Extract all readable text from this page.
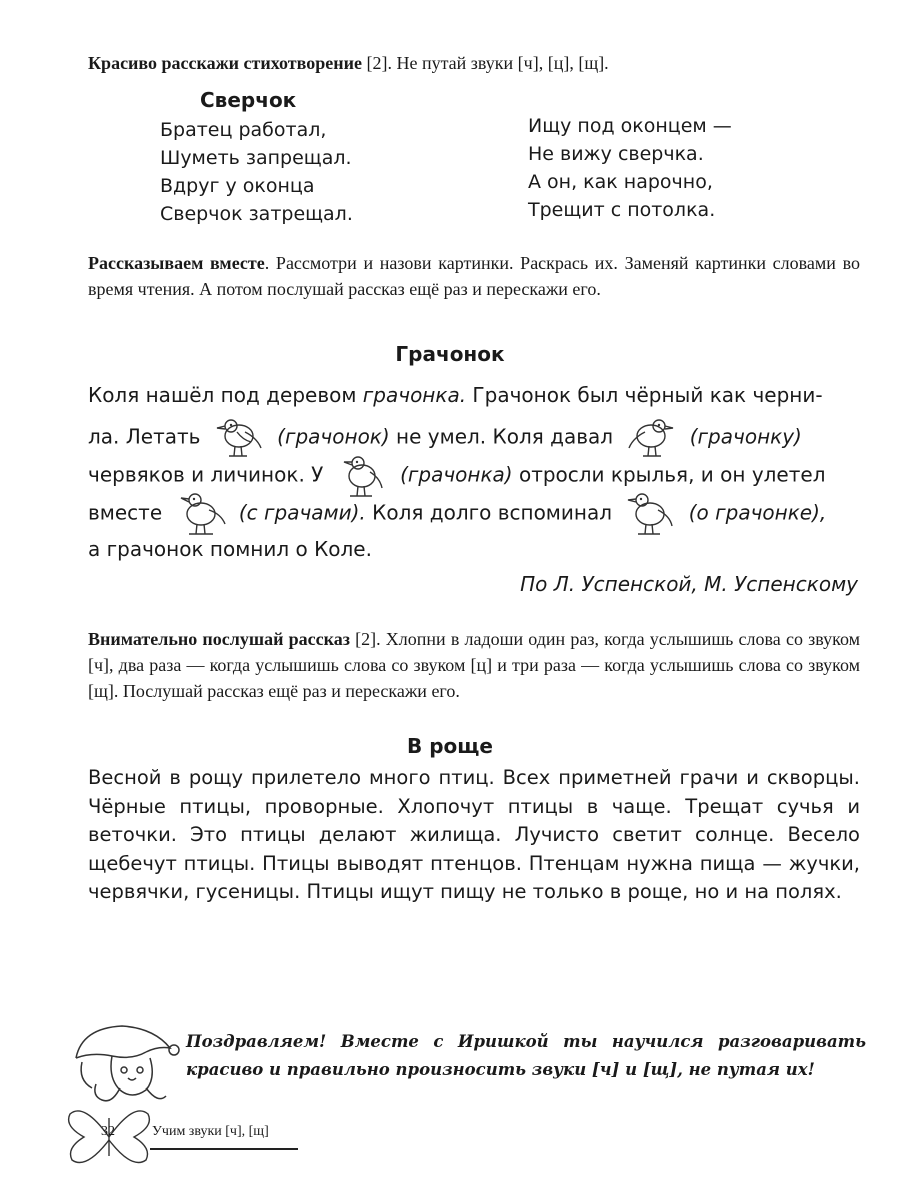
Красиво расскажи стихотворение [2]. Не путай звуки [ч], [ц], [щ].
Сверчок
Братец работал,
Шуметь запрещал.
Вдруг у оконца
Сверчок затрещал.
Ищу под оконцем —
Не вижу сверчка.
А он, как нарочно,
Трещит с потолка.
Рассказываем вместе. Рассмотри и назови картинки. Раскрась их. Заменяй картинки словами во время чтения. А потом послушай рассказ ещё раз и перескажи его.
Грачонок
Коля нашёл под деревом грачонка. Грачонок был чёрный как черни-
ла. Летать	(грачонок) не умел. Коля давал	(грачонку)
червяков и личинок. У	(грачонка) отросли крылья, и он улетел
вместе	(с грачами). Коля долго вспоминал	(о грачонке),
а грачонок помнил о Коле.
По Л. Успенской, М. Успенскому
Внимательно послушай рассказ [2]. Хлопни в ладоши один раз, когда услышишь слова со звуком [ч], два раза — когда услышишь слова со звуком [ц] и три раза — когда услышишь слова со звуком [щ]. Послушай рассказ ещё раз и перескажи его.
В роще
Весной в рощу прилетело много птиц. Всех приметней грачи и скворцы. Чёрные птицы, проворные. Хлопочут птицы в чаще. Трещат сучья и веточки. Это птицы делают жилища. Лучисто светит солнце. Весело щебечут птицы. Птицы выводят птенцов. Птенцам нужна пища — жучки, червячки, гусеницы. Птицы ищут пищу не только в роще, но и на полях.
Поздравляем! Вместе с Иришкой ты научился разговаривать красиво и правильно произносить звуки [ч] и [щ], не путая их!
32	Учим звуки [ч], [щ]
